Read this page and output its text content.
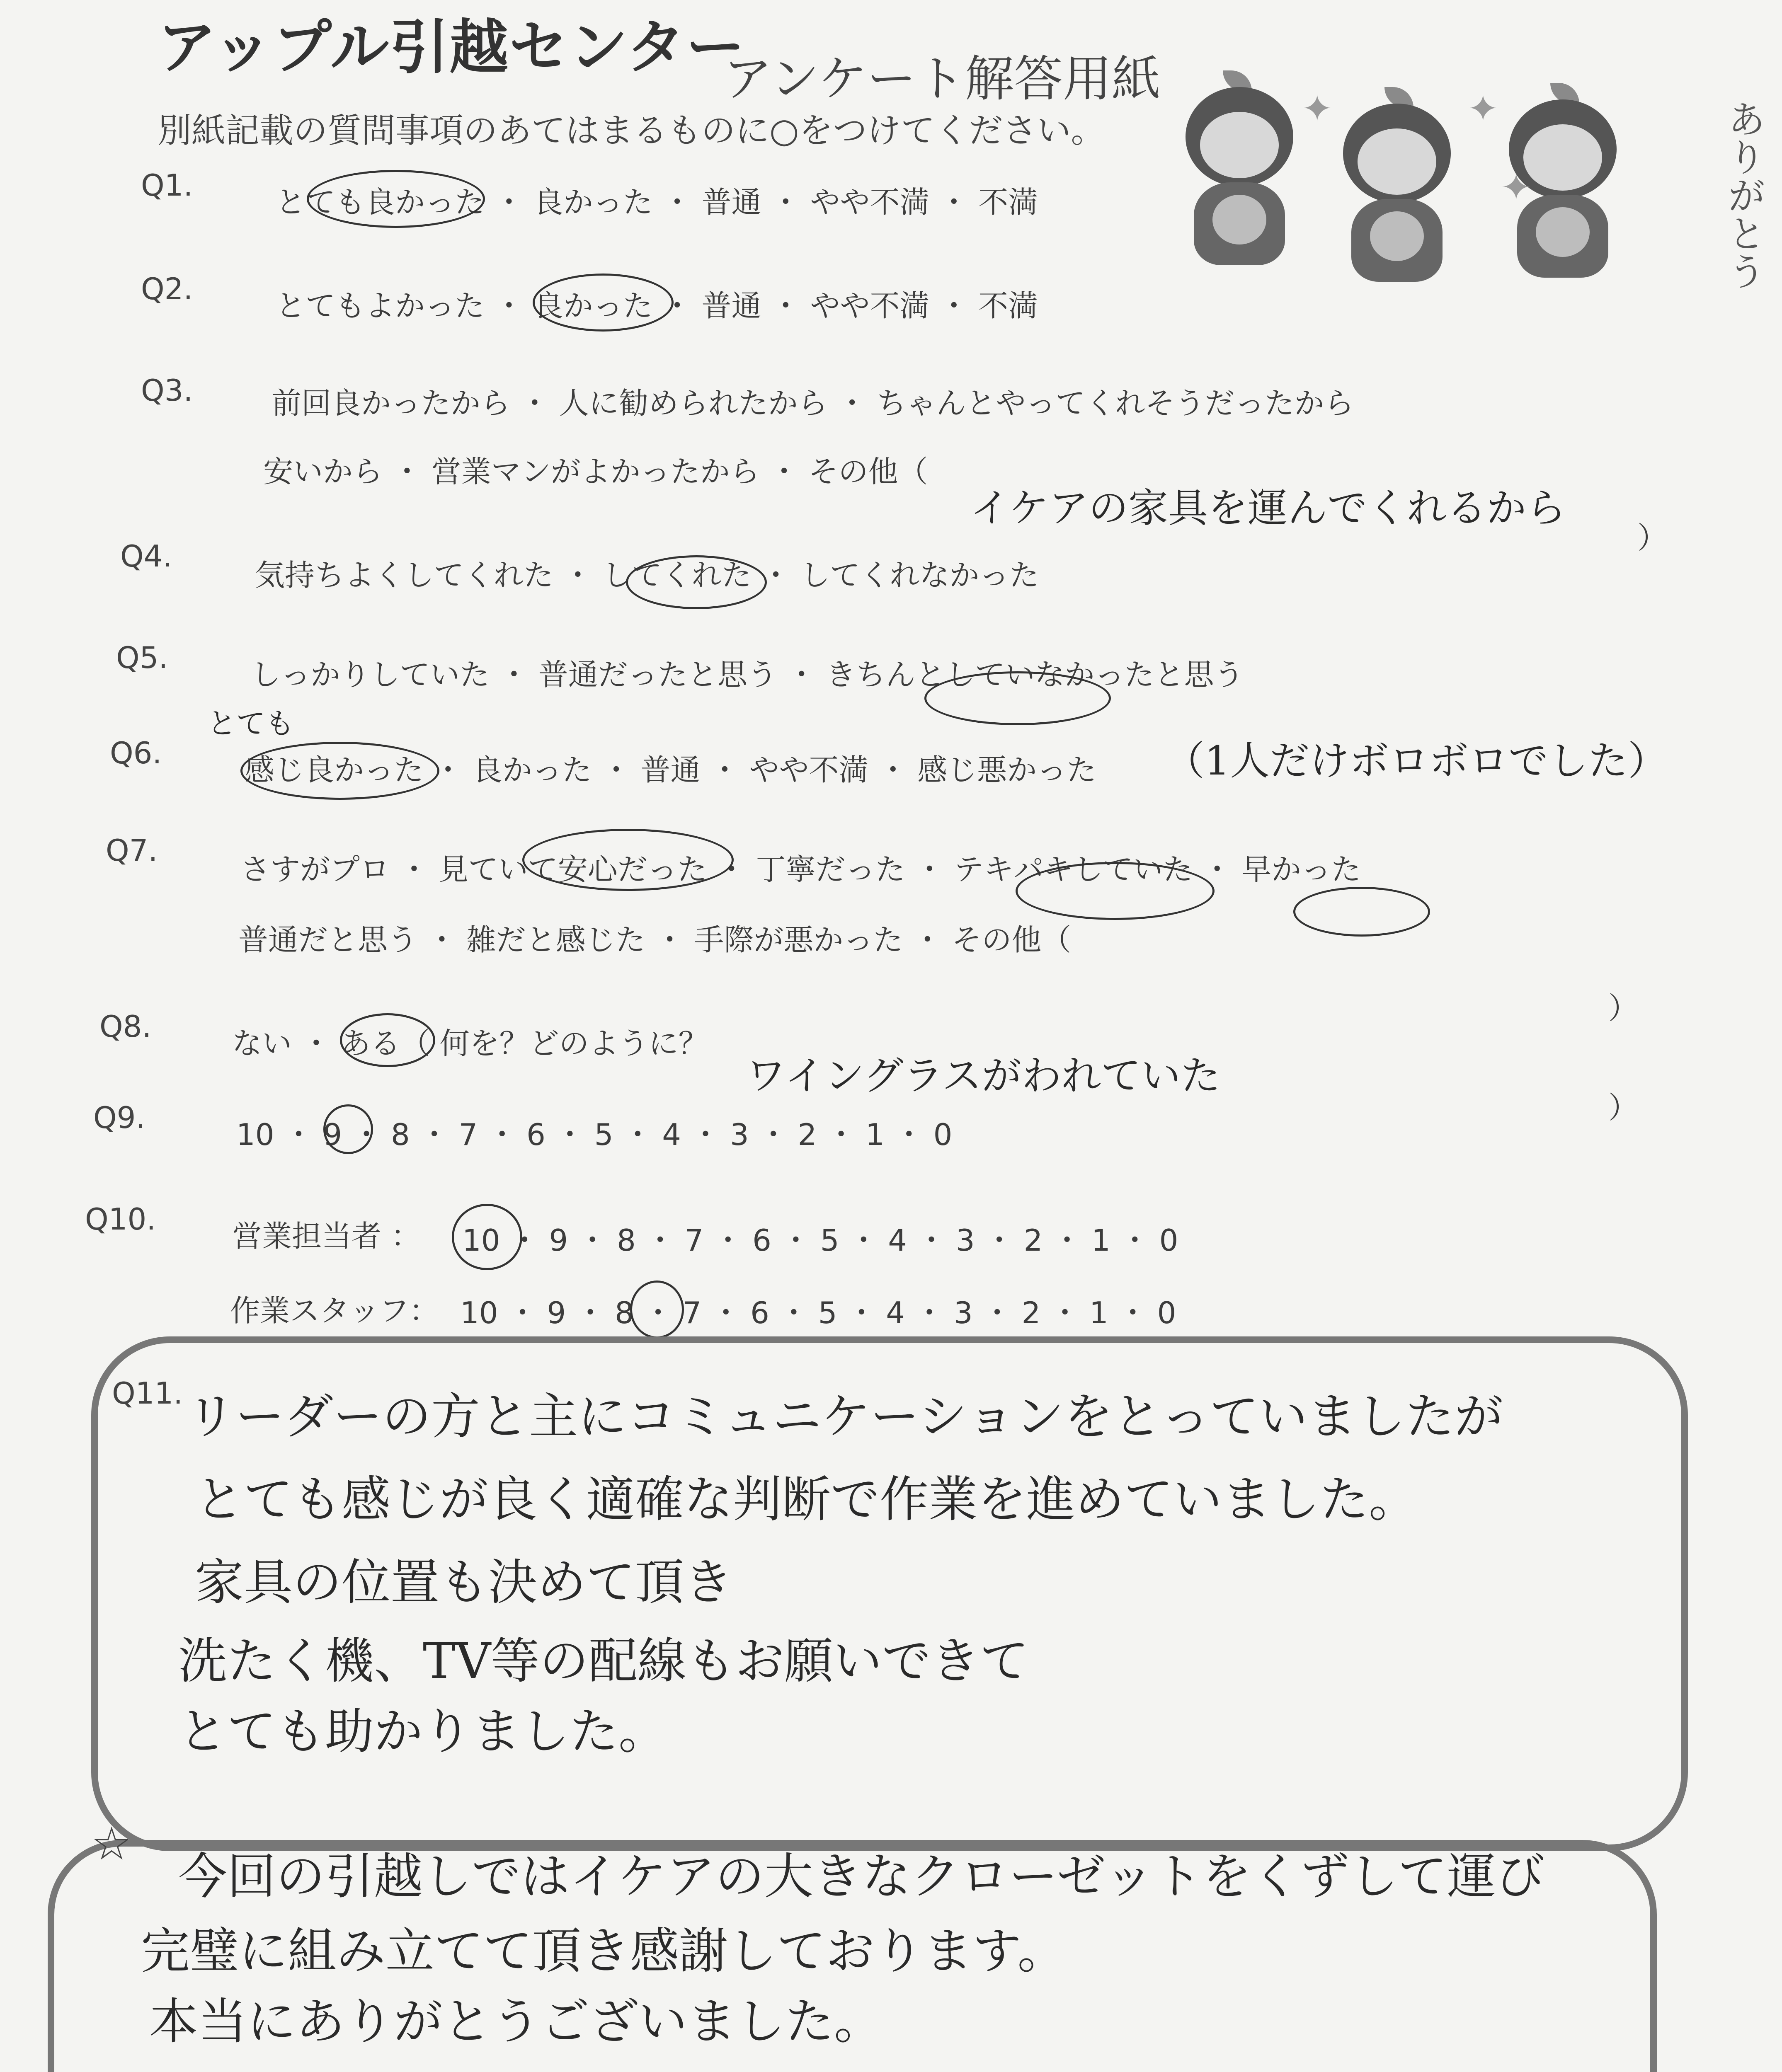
アップル引越センター
アンケート解答用紙
別紙記載の質問事項のあてはまるものに○をつけてください。
✦	✦
✦	ありがとう
Q1.	とても良かった ・ 良かった ・ 普通 ・ やや不満 ・ 不満
Q2.	とてもよかった ・ 良かった ・ 普通 ・ やや不満 ・ 不満
Q3.	前回良かったから ・ 人に勧められたから ・ ちゃんとやってくれそうだったから
安いから ・ 営業マンがよかったから ・ その他（
イケアの家具を運んでくれるから
）
Q4.
気持ちよくしてくれた ・ してくれた ・ してくれなかった
Q5.	しっかりしていた ・ 普通だったと思う ・ きちんとしていなかったと思う
とても
Q6.	感じ良かった ・ 良かった ・ 普通 ・ やや不満 ・ 感じ悪かった （1人だけボロボロでした）
Q7.
さすがプロ ・ 見ていて安心だった ・ 丁寧だった ・ テキパキしていた ・ 早かった
普通だと思う ・ 雑だと感じた ・ 手際が悪かった ・ その他（
Q8.	ない ・ ある（ 何を？どのように？
ワイングラスがわれていた
）
）
Q9.	10 ・ 9 ・ 8 ・ 7 ・ 6 ・ 5 ・ 4 ・ 3 ・ 2 ・ 1 ・ 0
Q10.	営業担当者 ： 10 ・ 9 ・ 8 ・ 7 ・ 6 ・ 5 ・ 4 ・ 3 ・ 2 ・ 1 ・ 0
作業スタッフ： 10 ・ 9 ・ 8 ・ 7 ・ 6 ・ 5 ・ 4 ・ 3 ・ 2 ・ 1 ・ 0
Q11. リーダーの方と主にコミュニケーションをとっていましたが
とても感じが良く適確な判断で作業を進めていました。
家具の位置も決めて頂き
洗たく機、TV等の配線もお願いできて
とても助かりました。
☆
今回の引越しではイケアの大きなクローゼットをくずして運び
完璧に組み立てて頂き感謝しております。
本当にありがとうございました。
